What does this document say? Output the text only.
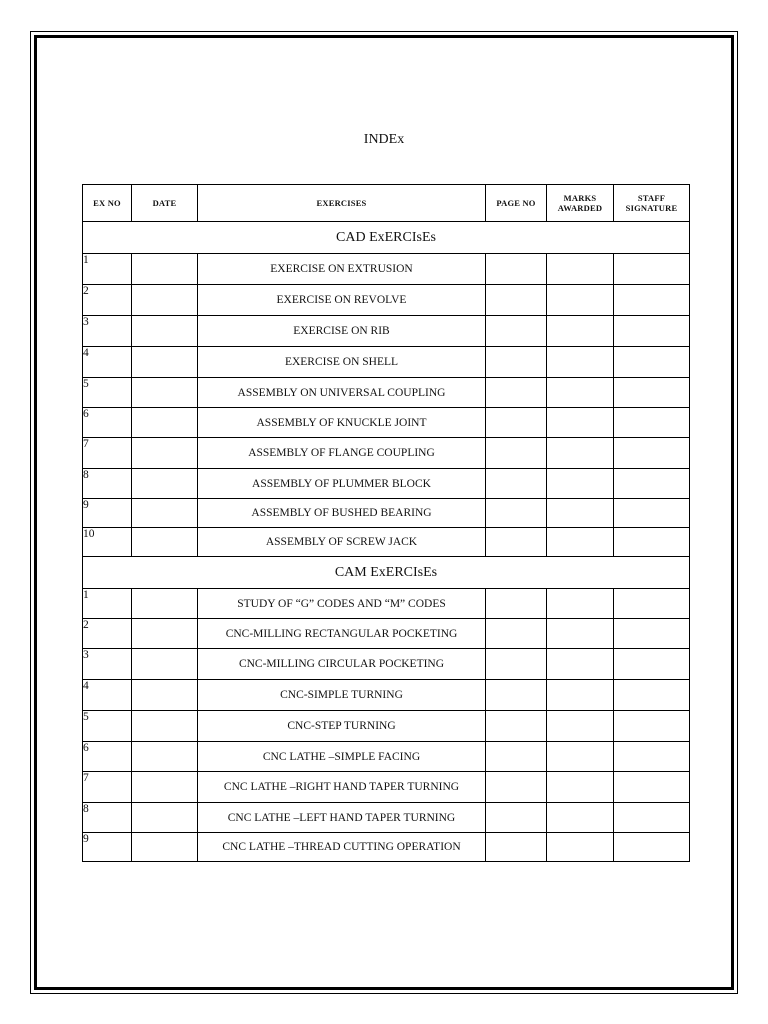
INDEx
EX NO	DATE	EXERCISES	PAGE NO	MARKS AWARDED	STAFF SIGNATURE
CAD ExERCIsEs					
1		EXERCISE ON EXTRUSION			
2		EXERCISE ON REVOLVE			
3		EXERCISE ON RIB			
4		EXERCISE ON SHELL			
5		ASSEMBLY ON UNIVERSAL COUPLING			
6		ASSEMBLY OF KNUCKLE JOINT			
7		ASSEMBLY OF FLANGE COUPLING			
8		ASSEMBLY OF PLUMMER BLOCK			
9		ASSEMBLY OF BUSHED BEARING			
10		ASSEMBLY OF SCREW JACK			
CAM ExERCIsEs					
1		STUDY OF “G” CODES AND “M” CODES			
2		CNC-MILLING RECTANGULAR POCKETING			
3		CNC-MILLING CIRCULAR POCKETING			
4		CNC-SIMPLE TURNING			
5		CNC-STEP TURNING			
6		CNC LATHE –SIMPLE FACING			
7		CNC LATHE –RIGHT HAND TAPER TURNING			
8		CNC LATHE –LEFT HAND TAPER TURNING			
9		CNC LATHE –THREAD CUTTING OPERATION			
